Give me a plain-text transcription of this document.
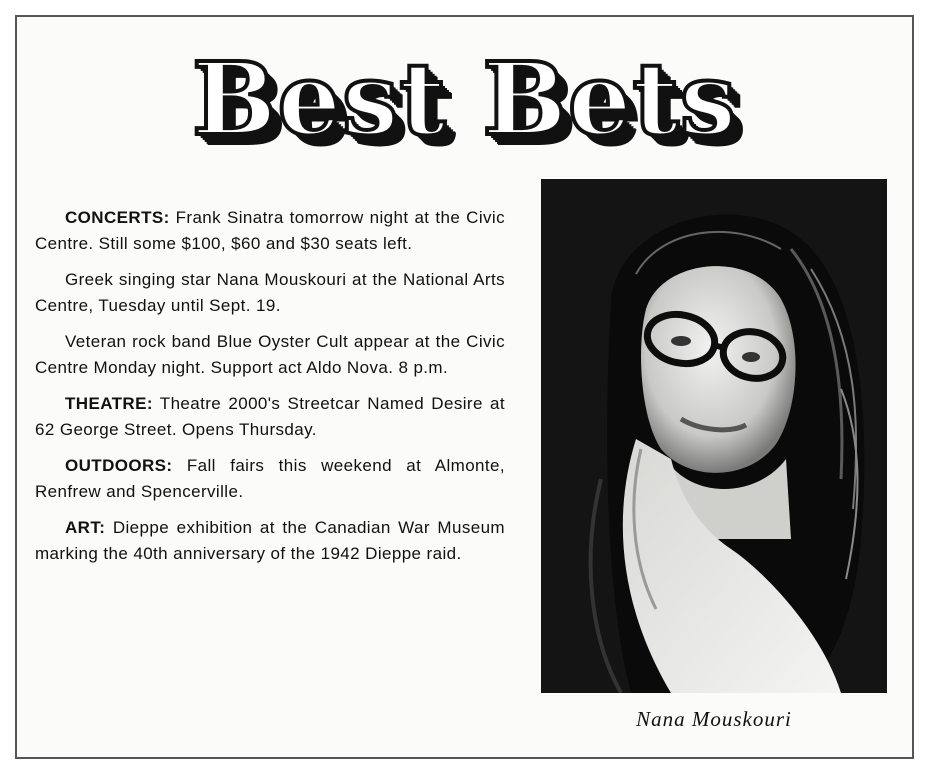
Best Bets

CONCERTS: Frank Sinatra tomorrow night at the Civic Centre. Still some $100, $60 and $30 seats left.

Greek singing star Nana Mouskouri at the National Arts Centre, Tuesday until Sept. 19.

Veteran rock band Blue Oyster Cult appear at the Civic Centre Monday night. Support act Aldo Nova. 8 p.m.

THEATRE: Theatre 2000's Streetcar Named Desire at 62 George Street. Opens Thursday.

OUTDOORS: Fall fairs this weekend at Almonte, Renfrew and Spencerville.

ART: Dieppe exhibition at the Canadian War Museum marking the 40th anniversary of the 1942 Dieppe raid.

Nana Mouskouri
